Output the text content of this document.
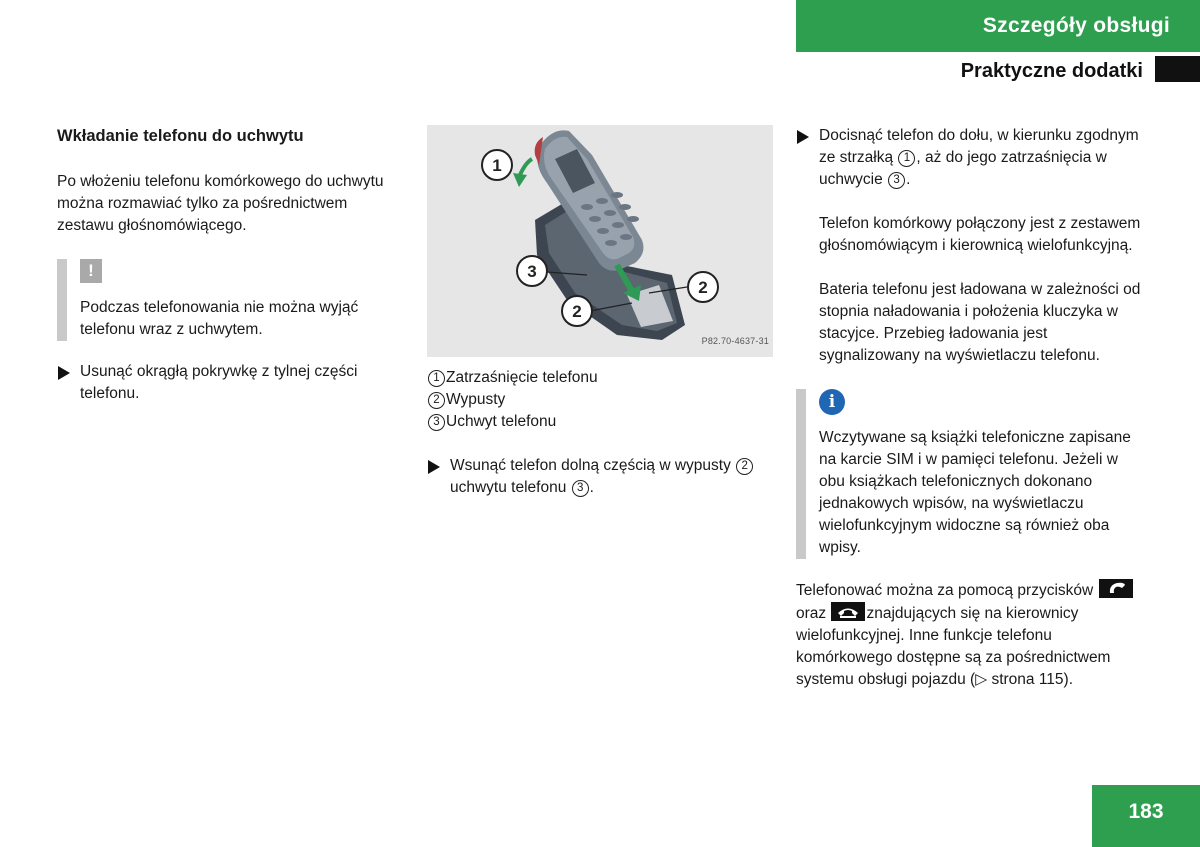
Szczegóły obsługi
Praktyczne dodatki
Wkładanie telefonu do uchwytu
Po włożeniu telefonu komórkowego do uchwytu można rozmawiać tylko za pośrednictwem zestawu głośnomówiącego.
!
Podczas telefonowania nie można wyjąć telefonu wraz z uchwytem.
Usunąć okrągłą pokrywkę z tylnej części telefonu.
1
3
2
2
P82.70-4637-31
1 Zatrzaśnięcie telefonu
2 Wypusty
3 Uchwyt telefonu
Wsunąć telefon dolną częścią w wypusty 2 uchwytu telefonu 3 .
Docisnąć telefon do dołu, w kierunku zgodnym ze strzałką 1 , aż do jego zatrzaśnięcia w uchwycie 3 .
Telefon komórkowy połączony jest z zestawem głośnomówiącym i kierownicą wielofunkcyjną.
Bateria telefonu jest ładowana w zależności od stopnia naładowania i położenia kluczyka w stacyjce. Przebieg ładowania jest sygnalizowany na wyświetlaczu telefonu.
i
Wczytywane są książki telefoniczne zapisane na karcie SIM i w pamięci telefonu. Jeżeli w obu książkach telefonicznych dokonano jednakowych wpisów, na wyświetlaczu wielofunkcyjnym widoczne są również oba wpisy.
Telefonować można za pomocą przycisków
oraz	znajdujących się na kierownicy wielofunkcyjnej. Inne funkcje telefonu komórkowego dostępne są za pośrednictwem systemu obsługi pojazdu (▷ strona 115).
183
